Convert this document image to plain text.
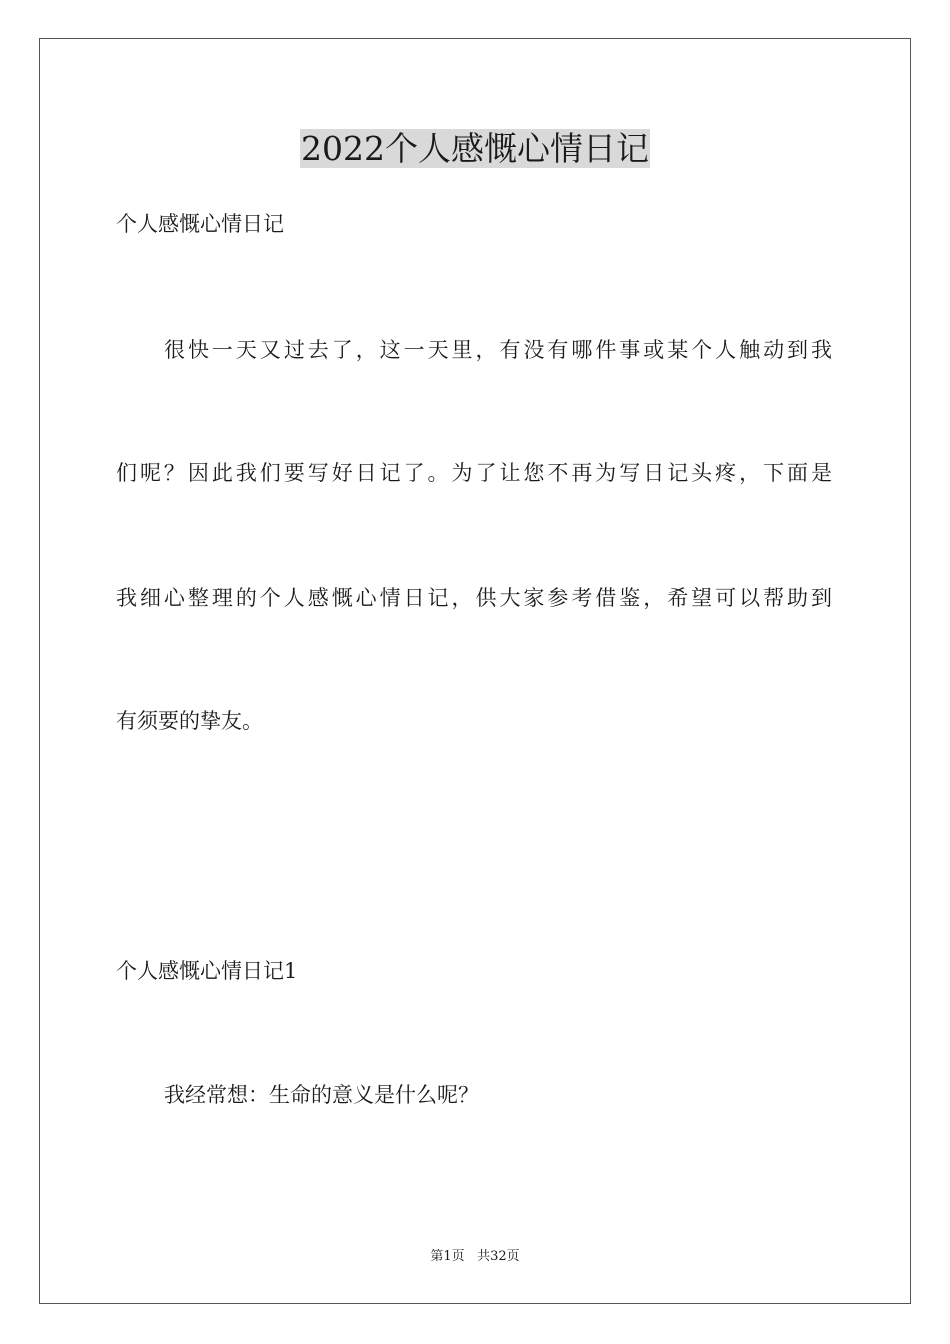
2022个人感慨心情日记
个人感慨心情日记
很快一天又过去了，这一天里，有没有哪件事或某个人触动到我
们呢？因此我们要写好日记了。为了让您不再为写日记头疼，下面是
我细心整理的个人感慨心情日记，供大家参考借鉴，希望可以帮助到
有须要的挚友。
个人感慨心情日记1
我经常想：生命的意义是什么呢？
第1页 共32页
